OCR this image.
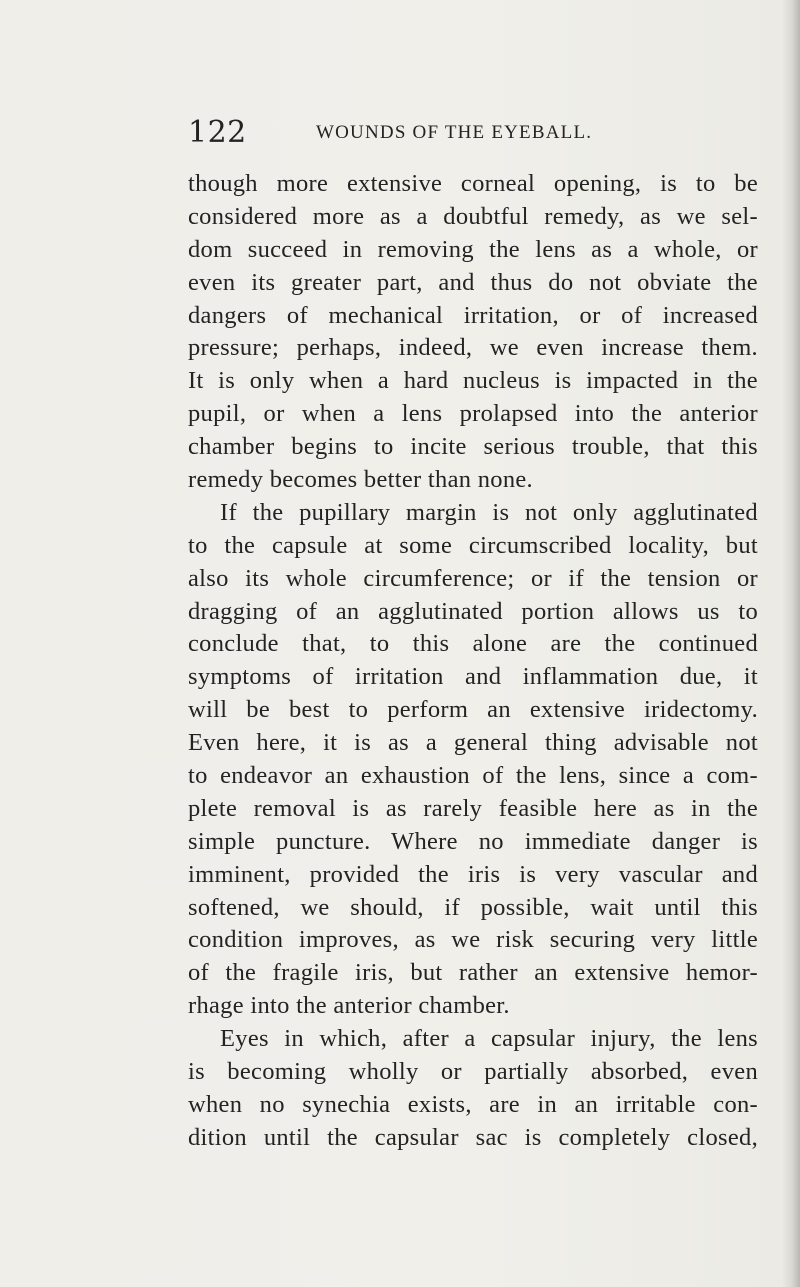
122	WOUNDS OF THE EYEBALL.
though more extensive corneal opening, is to be
considered more as a doubtful remedy, as we sel-
dom succeed in removing the lens as a whole, or
even its greater part, and thus do not obviate the
dangers of mechanical irritation, or of increased
pressure; perhaps, indeed, we even increase them.
It is only when a hard nucleus is impacted in the
pupil, or when a lens prolapsed into the anterior
chamber begins to incite serious trouble, that this
remedy becomes better than none.
If the pupillary margin is not only agglutinated
to the capsule at some circumscribed locality, but
also its whole circumference; or if the tension or
dragging of an agglutinated portion allows us to
conclude that, to this alone are the continued
symptoms of irritation and inflammation due, it
will be best to perform an extensive iridectomy.
Even here, it is as a general thing advisable not
to endeavor an exhaustion of the lens, since a com-
plete removal is as rarely feasible here as in the
simple puncture. Where no immediate danger is
imminent, provided the iris is very vascular and
softened, we should, if possible, wait until this
condition improves, as we risk securing very little
of the fragile iris, but rather an extensive hemor-
rhage into the anterior chamber.
Eyes in which, after a capsular injury, the lens
is becoming wholly or partially absorbed, even
when no synechia exists, are in an irritable con-
dition until the capsular sac is completely closed,
